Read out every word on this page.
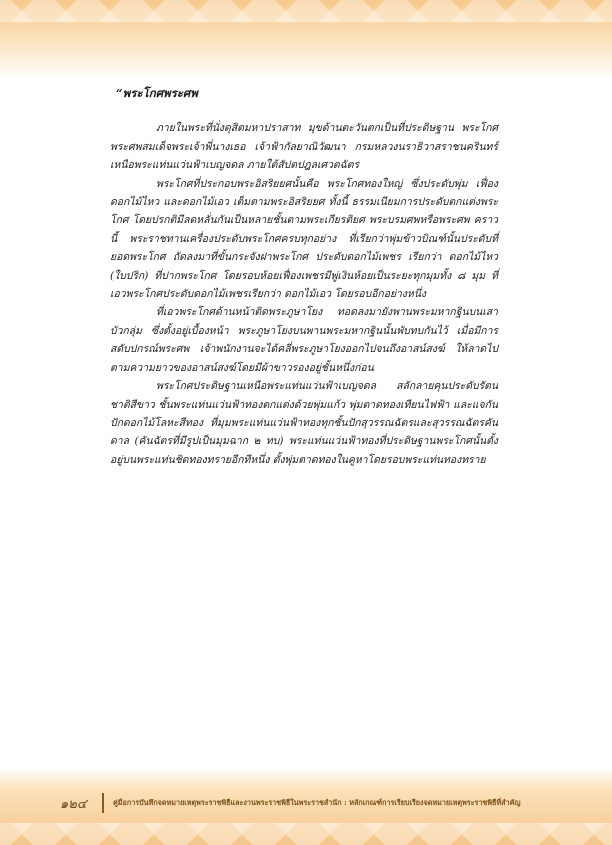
“พระโกศพระศพ

ภายในพระที่นั่งดุสิตมหาปราสาท มุขด้านตะวันตกเป็นที่ประดิษฐาน พระโกศพระศพสมเด็จพระเจ้าพี่นางเธอ เจ้าฟ้ากัลยาณิวัฒนา กรมหลวงนราธิวาสราชนครินทร์ เหนือพระแท่นแว่นฟ้าเบญจดล ภายใต้สัปตปฎลเศวตฉัตร

พระโกศที่ประกอบพระอิสริยยศนั้นคือ พระโกศทองใหญ่ ซึ่งประดับพุ่ม เฟื่อง ดอกไม้ไหว และดอกไม้เอว เต็มตามพระอิสริยยศ ทั้งนี้ ธรรมเนียมการประดับตกแต่งพระโกศ โดยปรกติมีลดหลั่นกันเป็นหลายชั้นตามพระเกียรติยศ พระบรมศพหรือพระศพ คราวนี้ พระราชทานเครื่องประดับพระโกศครบทุกอย่าง ที่เรียกว่าพุ่มข้าวบิณฑ์นั้นประดับที่ยอดพระโกศ ถัดลงมาที่ขั้นกระจังฝาพระโกศ ประดับดอกไม้เพชร เรียกว่า ดอกไม้ไหว (ใบปริก) ที่ปากพระโกศ โดยรอบห้อยเฟื่องเพชรมีพู่เงินห้อยเป็นระยะทุกมุมทั้ง ๘ มุม ที่เอวพระโกศประดับดอกไม้เพชรเรียกว่า ดอกไม้เอว โดยรอบอีกอย่างหนึ่ง

ที่เอวพระโกศด้านหน้าติดพระภูษาโยง ทอดลงมายังพานพระมหากฐินบนเสาบัวกลุ่ม ซึ่งตั้งอยู่เบื้องหน้า พระภูษาโยงบนพานพระมหากฐินนั้นพับทบกันไว้ เมื่อมีการสดับปกรณ์พระศพ เจ้าพนักงานจะได้คลี่พระภูษาโยงออกไปจนถึงอาสน์สงฆ์ ให้ลาดไปตามความยาวของอาสน์สงฆ์โดยมีผ้าขาวรองอยู่ชั้นหนึ่งก่อน

พระโกศประดิษฐานเหนือพระแท่นแว่นฟ้าเบญจดล สลักลายคุนประดับรัตนชาติสีขาว ชั้นพระแท่นแว่นฟ้าทองตกแต่งด้วยพุ่มแก้ว พุ่มตาดทองเทียนไฟฟ้า และแจกันปักดอกไม้โลหะสีทอง ที่มุมพระแท่นแว่นฟ้าทองทุกชั้นปักสุวรรณฉัตรและสุวรรณฉัตรคันดาล (คันฉัตรที่มีรูปเป็นมุมฉาก ๒ ทบ) พระแท่นแว่นฟ้าทองที่ประดิษฐานพระโกศนั้นตั้งอยู่บนพระแท่นชิดทองทรายอีกทีหนึ่ง ตั้งพุ่มตาดทองในคูหาโดยรอบพระแท่นทองทราย

๑๒๔	คู่มือการบันทึกจดหมายเหตุพระราชพิธีและงานพระราชพิธีในพระราชสำนัก : หลักเกณฑ์การเรียบเรียงจดหมายเหตุพระราชพิธีที่สำคัญ
